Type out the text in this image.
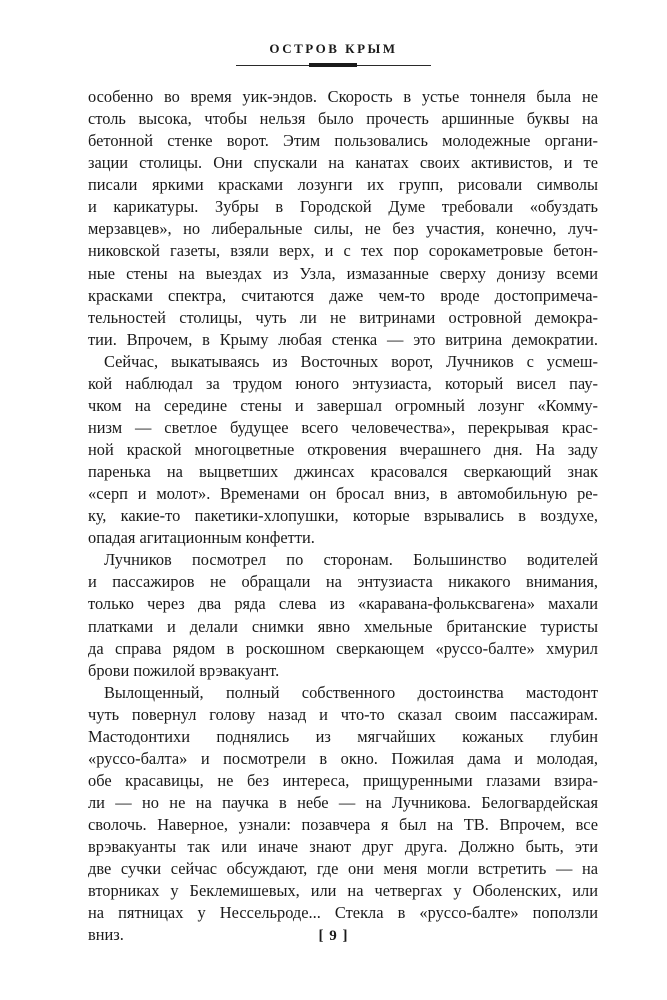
ОСТРОВ КРЫМ

особенно во время уик-эндов. Скорость в устье тоннеля была не
столь высока, чтобы нельзя было прочесть аршинные буквы на
бетонной стенке ворот. Этим пользовались молодежные органи-
зации столицы. Они спускали на канатах своих активистов, и те
писали яркими красками лозунги их групп, рисовали символы
и карикатуры. Зубры в Городской Думе требовали «обуздать
мерзавцев», но либеральные силы, не без участия, конечно, луч-
никовской газеты, взяли верх, и с тех пор сорокаметровые бетон-
ные стены на выездах из Узла, измазанные сверху донизу всеми
красками спектра, считаются даже чем-то вроде достопримеча-
тельностей столицы, чуть ли не витринами островной демокра-
тии. Впрочем, в Крыму любая стенка — это витрина демократии.

Сейчас, выкатываясь из Восточных ворот, Лучников с усмеш-
кой наблюдал за трудом юного энтузиаста, который висел пау-
чком на середине стены и завершал огромный лозунг «Комму-
низм — светлое будущее всего человечества», перекрывая крас-
ной краской многоцветные откровения вчерашнего дня. На заду
паренька на выцветших джинсах красовался сверкающий знак
«серп и молот». Временами он бросал вниз, в автомобильную ре-
ку, какие-то пакетики-хлопушки, которые взрывались в воздухе,
опадая агитационным конфетти.

Лучников посмотрел по сторонам. Большинство водителей
и пассажиров не обращали на энтузиаста никакого внимания,
только через два ряда слева из «каравана-фольксвагена» махали
платками и делали снимки явно хмельные британские туристы
да справа рядом в роскошном сверкающем «руссо-балте» хмурил
брови пожилой врэвакуант.

Вылощенный, полный собственного достоинства мастодонт
чуть повернул голову назад и что-то сказал своим пассажирам.
Мастодонтихи поднялись из мягчайших кожаных глубин
«руссо-балта» и посмотрели в окно. Пожилая дама и молодая,
обе красавицы, не без интереса, прищуренными глазами взира-
ли — но не на паучка в небе — на Лучникова. Белогвардейская
сволочь. Наверное, узнали: позавчера я был на ТВ. Впрочем, все
врэвакуанты так или иначе знают друг друга. Должно быть, эти
две сучки сейчас обсуждают, где они меня могли встретить — на
вторниках у Беклемишевых, или на четвергах у Оболенских, или
на пятницах у Нессельроде... Стекла в «руссо-балте» поползли
вниз.	[ 9 ]
